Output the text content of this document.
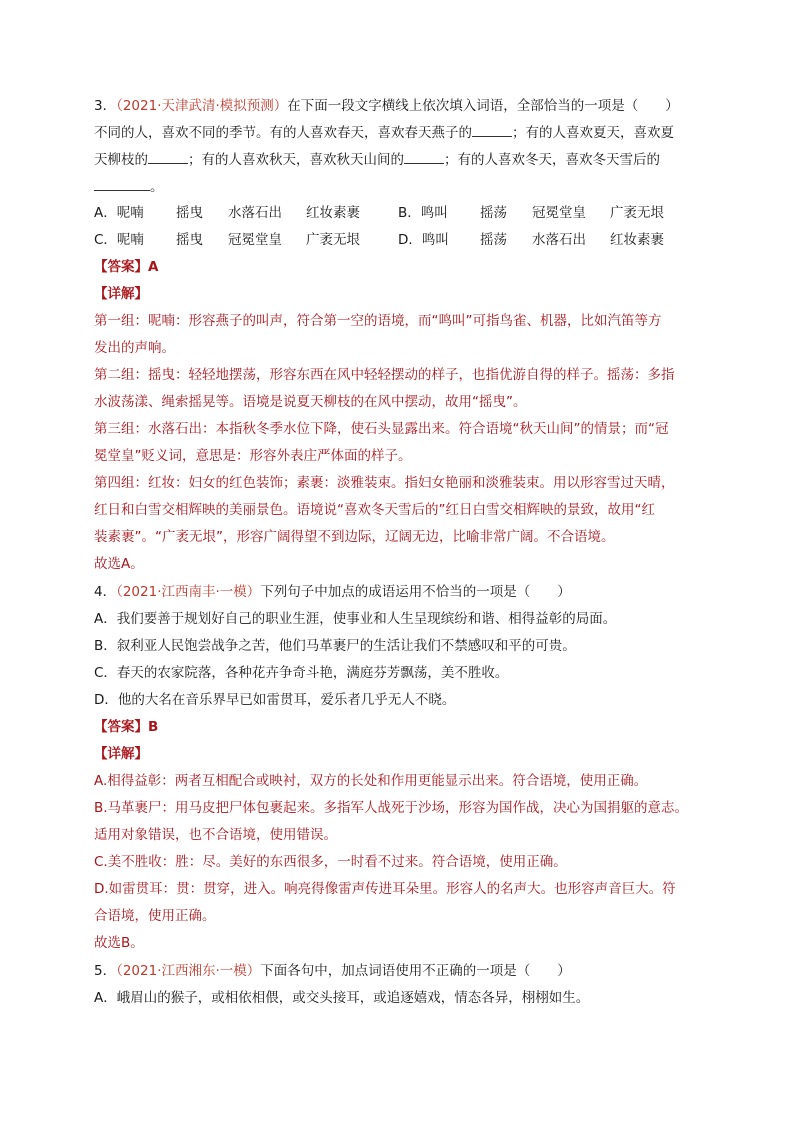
3．（2021·天津武清·模拟预测）在下面一段文字横线上依次填入词语，全部恰当的一项是（　　）
不同的人，喜欢不同的季节。有的人喜欢春天，喜欢春天燕子的	；有的人喜欢夏天，喜欢夏
天柳枝的	；有的人喜欢秋天，喜欢秋天山间的	；有的人喜欢冬天，喜欢冬天雪后的
。
A．呢喃 摇曳 水落石出 红妆素裹	B．鸣叫 摇荡 冠冕堂皇 广袤无垠
C．呢喃 摇曳 冠冕堂皇 广袤无垠	D．鸣叫 摇荡 水落石出 红妆素裹
【答案】A
【详解】
第一组：呢喃：形容燕子的叫声，符合第一空的语境，而“鸣叫”可指鸟雀、机器，比如汽笛等方
发出的声响。
第二组：摇曳：轻轻地摆荡，形容东西在风中轻轻摆动的样子，也指优游自得的样子。摇荡：多指
水波荡漾、绳索摇晃等。语境是说夏天柳枝的在风中摆动，故用“摇曳”。
第三组：水落石出：本指秋冬季水位下降，使石头显露出来。符合语境“秋天山间”的情景；而“冠
冕堂皇”贬义词，意思是：形容外表庄严体面的样子。
第四组：红妆：妇女的红色装饰；素裹：淡雅装束。指妇女艳丽和淡雅装束。用以形容雪过天晴，
红日和白雪交相辉映的美丽景色。语境说“喜欢冬天雪后的”红日白雪交相辉映的景致，故用“红
装素裹”。“广袤无垠”，形容广阔得望不到边际，辽阔无边，比喻非常广阔。不合语境。
故选A。
4．（2021·江西南丰·一模）下列句子中加点的成语运用不恰当的一项是（　　）
A．我们要善于规划好自己的职业生涯，使事业和人生呈现缤纷和谐、相得益彰的局面。
B．叙利亚人民饱尝战争之苦，他们马革裹尸的生活让我们不禁感叹和平的可贵。
C．春天的农家院落，各种花卉争奇斗艳，满庭芬芳飘荡，美不胜收。
D．他的大名在音乐界早已如雷贯耳，爱乐者几乎无人不晓。
【答案】B
【详解】
A.相得益彰：两者互相配合或映衬，双方的长处和作用更能显示出来。符合语境，使用正确。
B.马革裹尸：用马皮把尸体包裹起来。多指军人战死于沙场，形容为国作战，决心为国捐躯的意志。
适用对象错误，也不合语境，使用错误。
C.美不胜收：胜：尽。美好的东西很多，一时看不过来。符合语境，使用正确。
D.如雷贯耳：贯：贯穿，进入。响亮得像雷声传进耳朵里。形容人的名声大。也形容声音巨大。符
合语境，使用正确。
故选B。
5．（2021·江西湘东·一模）下面各句中，加点词语使用不正确的一项是（　　）
A．峨眉山的猴子，或相依相偎，或交头接耳，或追逐嬉戏，情态各异，栩栩如生。
